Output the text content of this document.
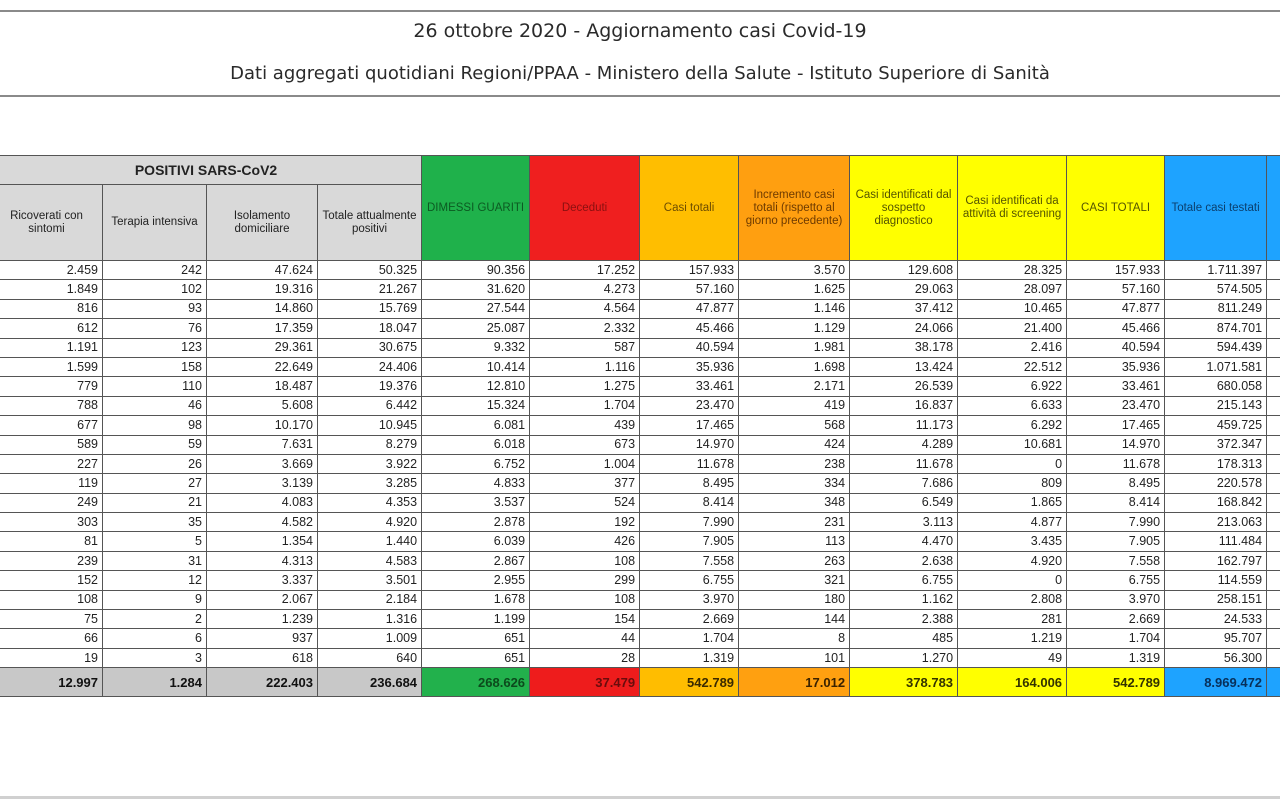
26 ottobre 2020 - Aggiornamento casi Covid-19
Dati aggregati quotidiani Regioni/PPAA - Ministero della Salute - Istituto Superiore di Sanità
POSITIVI SARS-CoV2				DIMESSI GUARITI	Deceduti	Casi totali	Incremento casi totali (rispetto al giorno precedente)	Casi identificati dal sospetto diagnostico	Casi identificati da attività di screening	CASI TOTALI	Totale casi testati	
Ricoverati con sintomi	Terapia intensiva	Isolamento domiciliare	Totale attualmente positivi									
2.459	242	47.624	50.325	90.356	17.252	157.933	3.570	129.608	28.325	157.933	1.711.397	
1.849	102	19.316	21.267	31.620	4.273	57.160	1.625	29.063	28.097	57.160	574.505	
816	93	14.860	15.769	27.544	4.564	47.877	1.146	37.412	10.465	47.877	811.249	
612	76	17.359	18.047	25.087	2.332	45.466	1.129	24.066	21.400	45.466	874.701	
1.191	123	29.361	30.675	9.332	587	40.594	1.981	38.178	2.416	40.594	594.439	
1.599	158	22.649	24.406	10.414	1.116	35.936	1.698	13.424	22.512	35.936	1.071.581	
779	110	18.487	19.376	12.810	1.275	33.461	2.171	26.539	6.922	33.461	680.058	
788	46	5.608	6.442	15.324	1.704	23.470	419	16.837	6.633	23.470	215.143	
677	98	10.170	10.945	6.081	439	17.465	568	11.173	6.292	17.465	459.725	
589	59	7.631	8.279	6.018	673	14.970	424	4.289	10.681	14.970	372.347	
227	26	3.669	3.922	6.752	1.004	11.678	238	11.678	0	11.678	178.313	
119	27	3.139	3.285	4.833	377	8.495	334	7.686	809	8.495	220.578	
249	21	4.083	4.353	3.537	524	8.414	348	6.549	1.865	8.414	168.842	
303	35	4.582	4.920	2.878	192	7.990	231	3.113	4.877	7.990	213.063	
81	5	1.354	1.440	6.039	426	7.905	113	4.470	3.435	7.905	111.484	
239	31	4.313	4.583	2.867	108	7.558	263	2.638	4.920	7.558	162.797	
152	12	3.337	3.501	2.955	299	6.755	321	6.755	0	6.755	114.559	
108	9	2.067	2.184	1.678	108	3.970	180	1.162	2.808	3.970	258.151	
75	2	1.239	1.316	1.199	154	2.669	144	2.388	281	2.669	24.533	
66	6	937	1.009	651	44	1.704	8	485	1.219	1.704	95.707	
19	3	618	640	651	28	1.319	101	1.270	49	1.319	56.300	
12.997	1.284	222.403	236.684	268.626	37.479	542.789	17.012	378.783	164.006	542.789	8.969.472	
